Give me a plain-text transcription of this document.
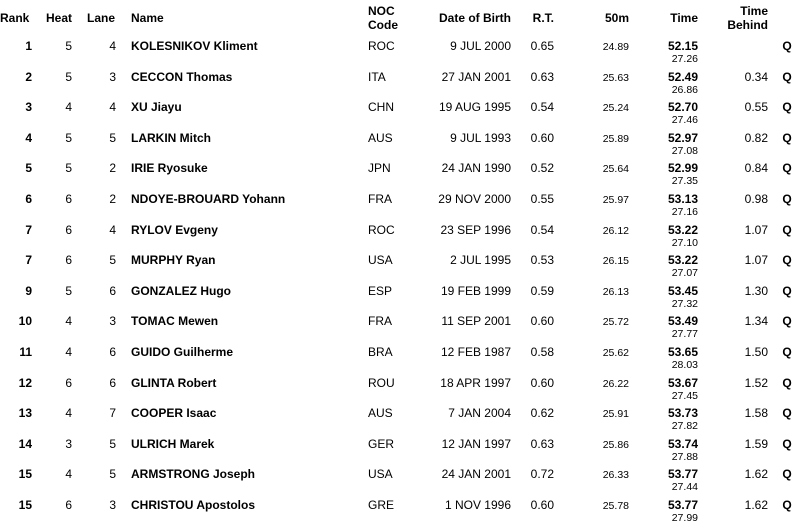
Rank Heat Lane Name	NOC
Code	Date of Birth	R.T.	50m	Time	Time
Behind
1	5	4 KOLESNIKOV Kliment	ROC	9 JUL 2000	0.65	24.89	52.15
27.26
Q
2	5	3 CECCON Thomas	ITA	27 JAN 2001	0.63	25.63	52.49
26.86
0.34 Q
3	4	4 XU Jiayu	CHN	19 AUG 1995	0.54	25.24	52.70
27.46
0.55 Q
4	5	5 LARKIN Mitch	AUS	9 JUL 1993	0.60	25.89	52.97
27.08
0.82 Q
5	5	2 IRIE Ryosuke	JPN	24 JAN 1990	0.52	25.64	52.99
27.35
0.84 Q
6	6	2 NDOYE-BROUARD Yohann	FRA	29 NOV 2000	0.55	25.97	53.13
27.16
0.98 Q
7	6	4 RYLOV Evgeny	ROC	23 SEP 1996	0.54	26.12	53.22
27.10
1.07 Q
7	6	5 MURPHY Ryan	USA	2 JUL 1995	0.53	26.15	53.22
27.07
1.07 Q
9	5	6 GONZALEZ Hugo	ESP	19 FEB 1999	0.59	26.13	53.45
27.32
1.30 Q
10	4	3 TOMAC Mewen	FRA	11 SEP 2001	0.60	25.72	53.49
27.77
1.34 Q
11	4	6 GUIDO Guilherme	BRA	12 FEB 1987	0.58	25.62	53.65
28.03
1.50 Q
12	6	6 GLINTA Robert	ROU	18 APR 1997	0.60	26.22	53.67
27.45
1.52 Q
13	4	7 COOPER Isaac	AUS	7 JAN 2004	0.62	25.91	53.73
27.82
1.58 Q
14	3	5 ULRICH Marek	GER	12 JAN 1997	0.63	25.86	53.74
27.88
1.59 Q
15	4	5 ARMSTRONG Joseph	USA	24 JAN 2001	0.72	26.33	53.77
27.44
1.62 Q
15	6	3 CHRISTOU Apostolos	GRE	1 NOV 1996	0.60	25.78	53.77
27.99
1.62 Q
